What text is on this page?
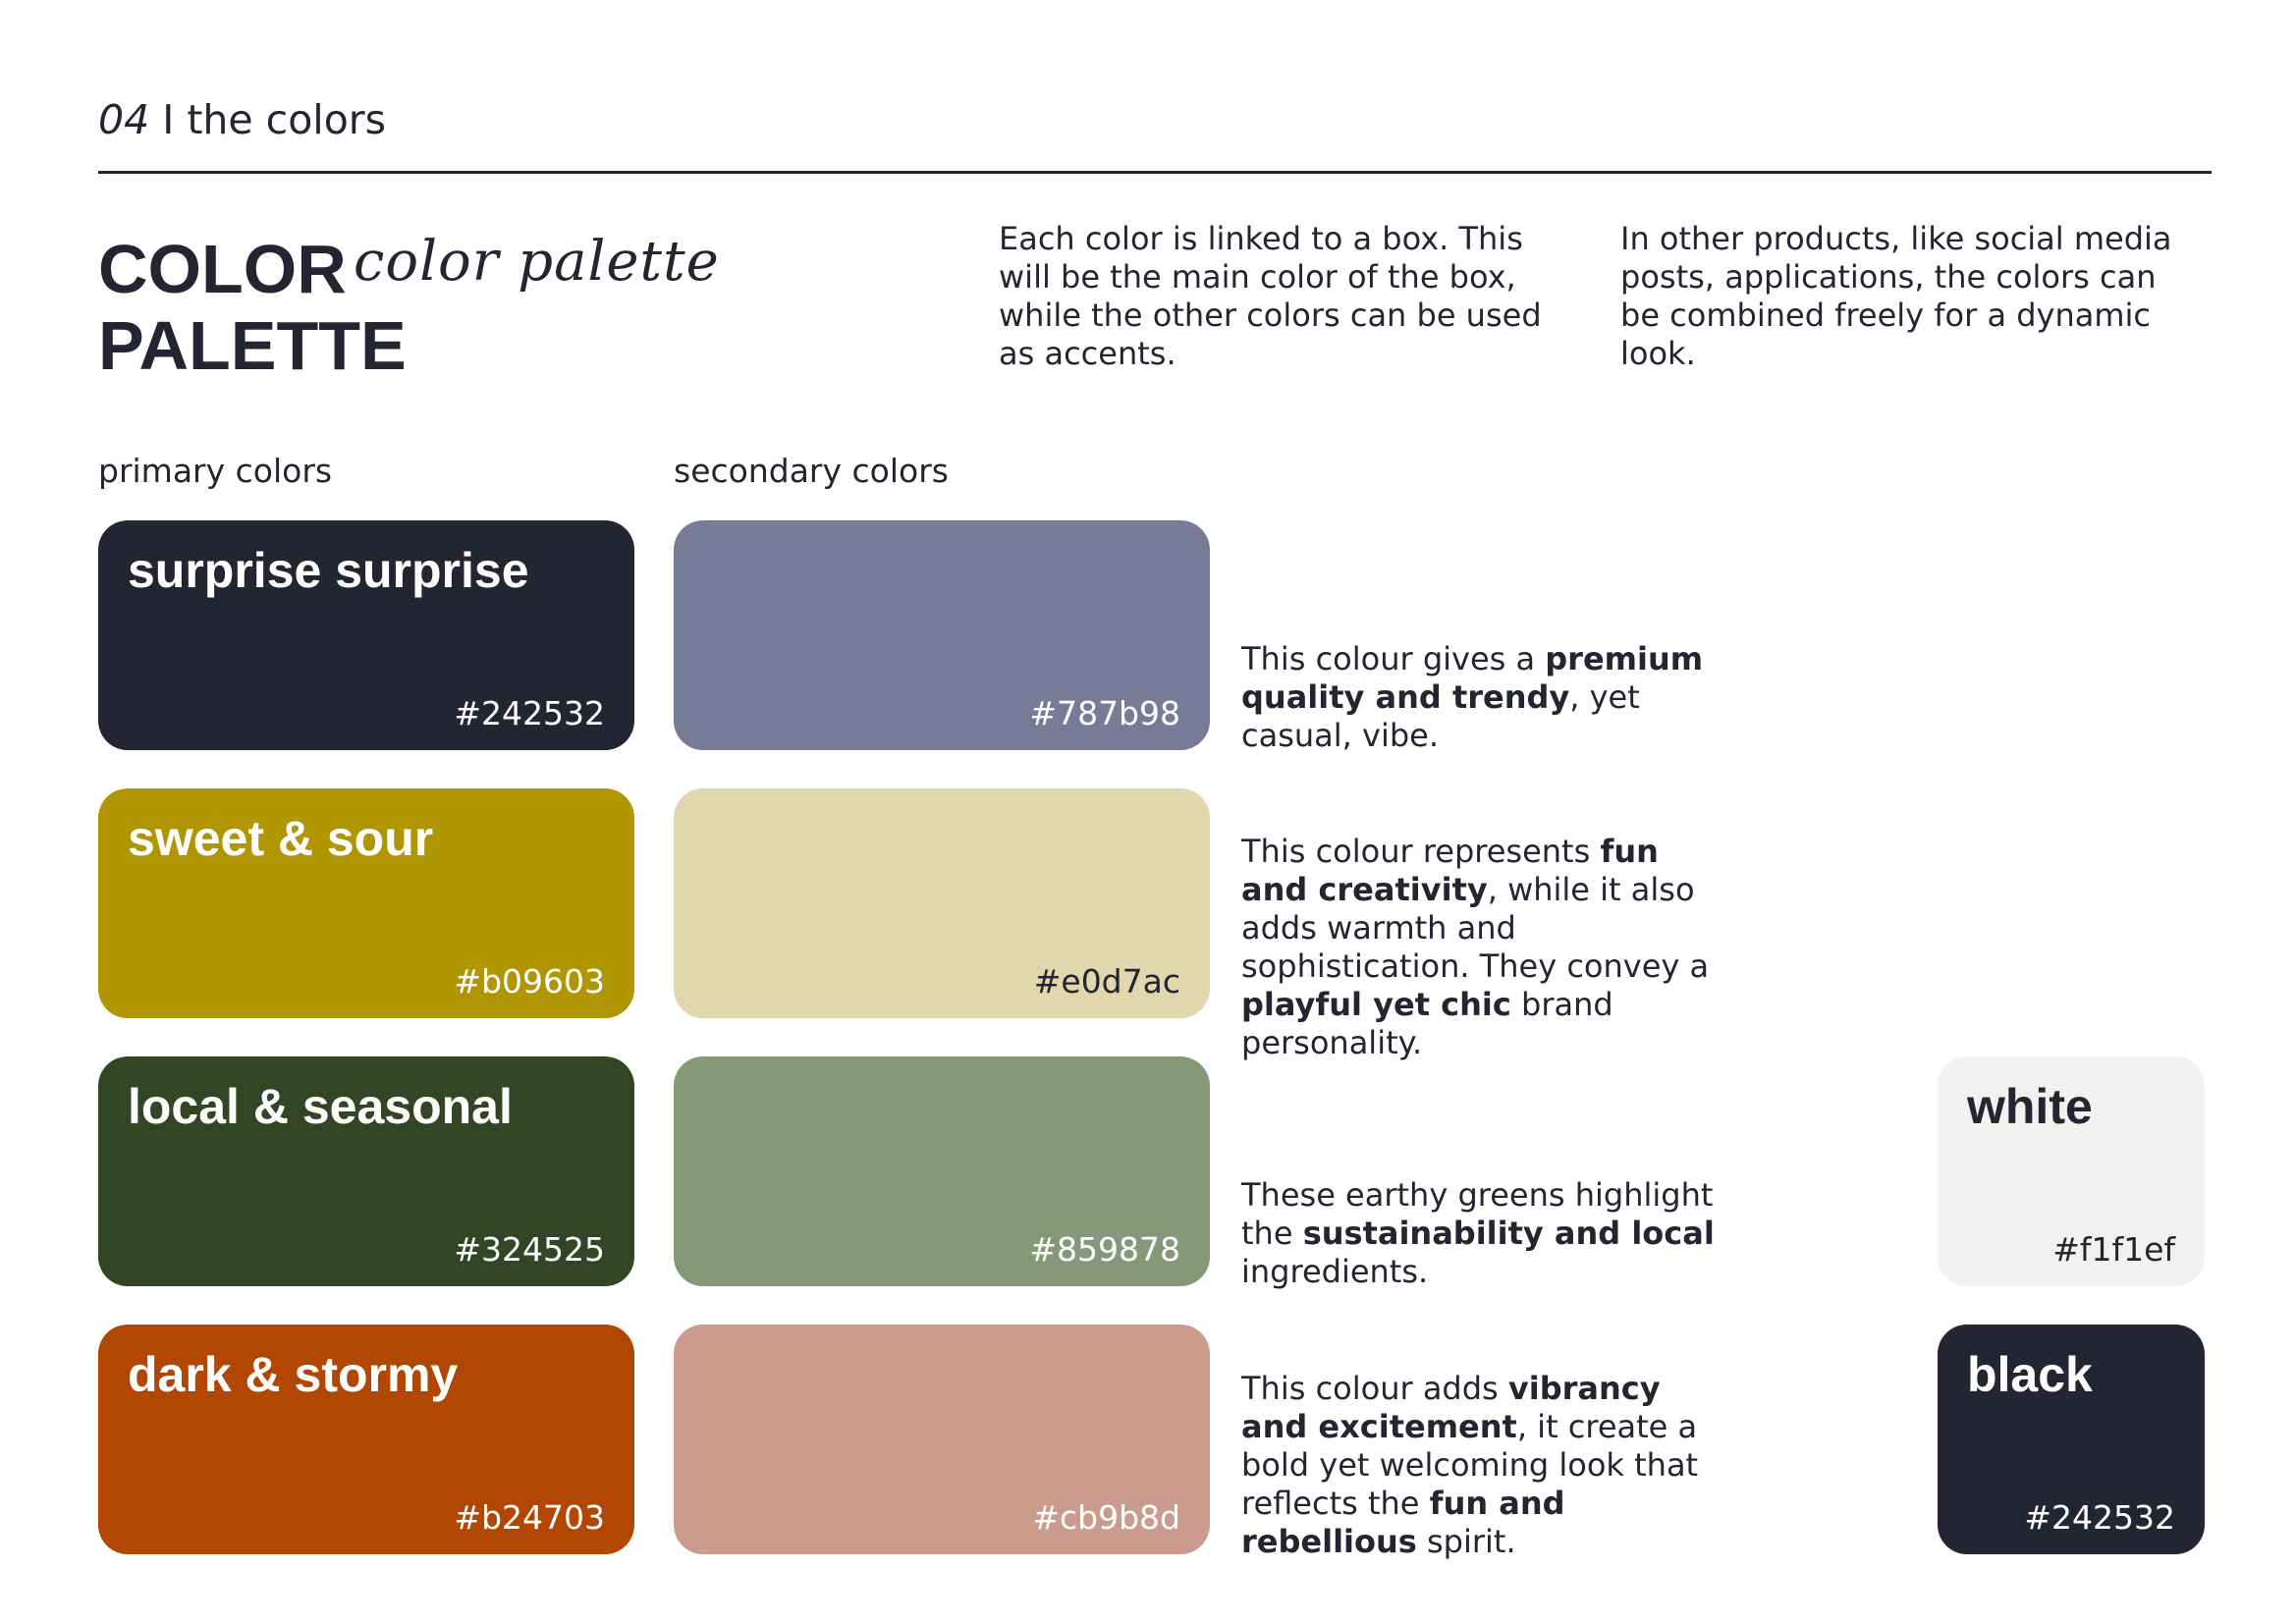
04 I the colors
COLOR
PALETTE
color palette	Each color is linked to a box. This will be the main color of the box, while the other colors can be used as accents.
In other products, like social media posts, applications, the colors can be combined freely for a dynamic look.
primary colors	secondary colors
surprise surprise
#242532
sweet & sour
#b09603
local & seasonal
#324525
dark & stormy
#b24703
#787b98
#e0d7ac
#859878
#cb9b8d
This colour gives a premium quality and trendy, yet casual, vibe.
This colour represents fun and creativity, while it also adds warmth and sophistication. They convey a playful yet chic brand personality.
These earthy greens highlight the sustainability and local ingredients.
This colour adds vibrancy and excitement, it create a bold yet welcoming look that reflects the fun and rebellious spirit.
white
#f1f1ef
black
#242532
